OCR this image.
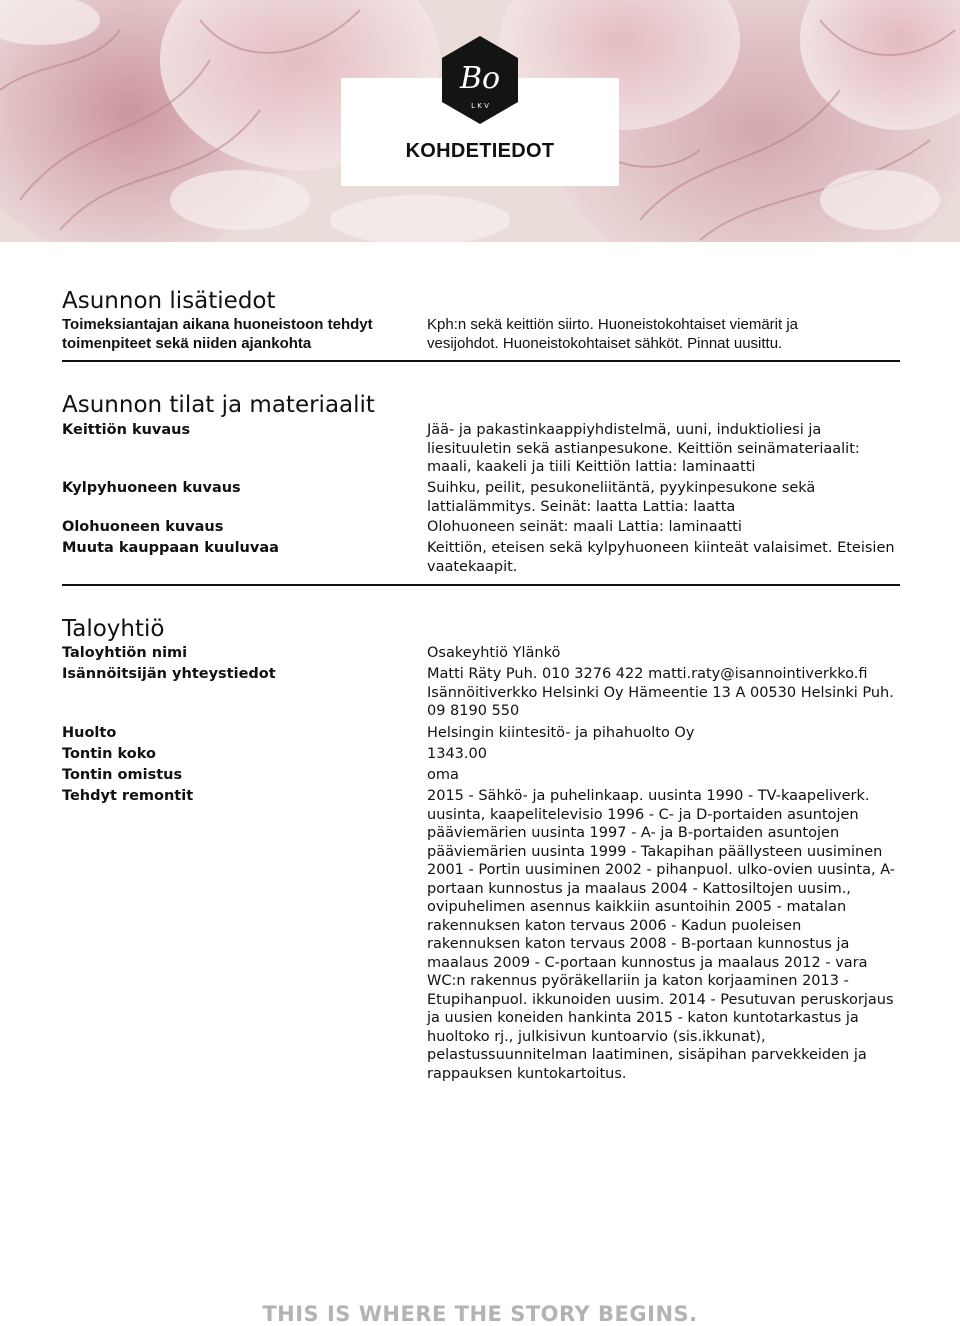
KOHDETIEDOT
Bo
L K V
Asunnon lisätiedot
Toimeksiantajan aikana huoneistoon tehdyt toimenpiteet sekä niiden ajankohta
Kph:n sekä keittiön siirto. Huoneistokohtaiset viemärit ja vesijohdot. Huoneistokohtaiset sähköt. Pinnat uusittu.
Asunnon tilat ja materiaalit
Keittiön kuvaus	Jää- ja pakastinkaappiyhdistelmä, uuni, induktioliesi ja liesituuletin sekä astianpesukone. Keittiön seinämateriaalit: maali, kaakeli ja tiili Keittiön lattia: laminaatti
Kylpyhuoneen kuvaus	Suihku, peilit, pesukoneliitäntä, pyykinpesukone sekä lattialämmitys. Seinät: laatta Lattia: laatta
Olohuoneen kuvaus	Olohuoneen seinät: maali Lattia: laminaatti
Muuta kauppaan kuuluvaa	Keittiön, eteisen sekä kylpyhuoneen kiinteät valaisimet. Eteisien vaatekaapit.
Taloyhtiö
Taloyhtiön nimi	Osakeyhtiö Ylänkö
Isännöitsijän yhteystiedot	Matti Räty Puh. 010 3276 422 matti.raty@isannointiverkko.fi Isännöitiverkko Helsinki Oy Hämeentie 13 A 00530 Helsinki Puh. 09 8190 550
Huolto	Helsingin kiintesitö- ja pihahuolto Oy
Tontin koko	1343.00
Tontin omistus	oma
Tehdyt remontit	2015 - Sähkö- ja puhelinkaap. uusinta 1990 - TV-kaapeliverk. uusinta, kaapelitelevisio 1996 - C- ja D-portaiden asuntojen pääviemärien uusinta 1997 - A- ja B-portaiden asuntojen pääviemärien uusinta 1999 - Takapihan päällysteen uusiminen 2001 - Portin uusiminen 2002 - pihanpuol. ulko-ovien uusinta, A-portaan kunnostus ja maalaus 2004 - Kattosiltojen uusim., ovipuhelimen asennus kaikkiin asuntoihin 2005 - matalan rakennuksen katon tervaus 2006 - Kadun puoleisen rakennuksen katon tervaus 2008 - B-portaan kunnostus ja maalaus 2009 - C-portaan kunnostus ja maalaus 2012 - vara WC:n rakennus pyöräkellariin ja katon korjaaminen 2013 - Etupihanpuol. ikkunoiden uusim. 2014 - Pesutuvan peruskorjaus ja uusien koneiden hankinta 2015 - katon kuntotarkastus ja huoltoko rj., julkisivun kuntoarvio (sis.ikkunat), pelastussuunnitelman laatiminen, sisäpihan parvekkeiden ja rappauksen kuntokartoitus.
THIS IS WHERE THE STORY BEGINS.
